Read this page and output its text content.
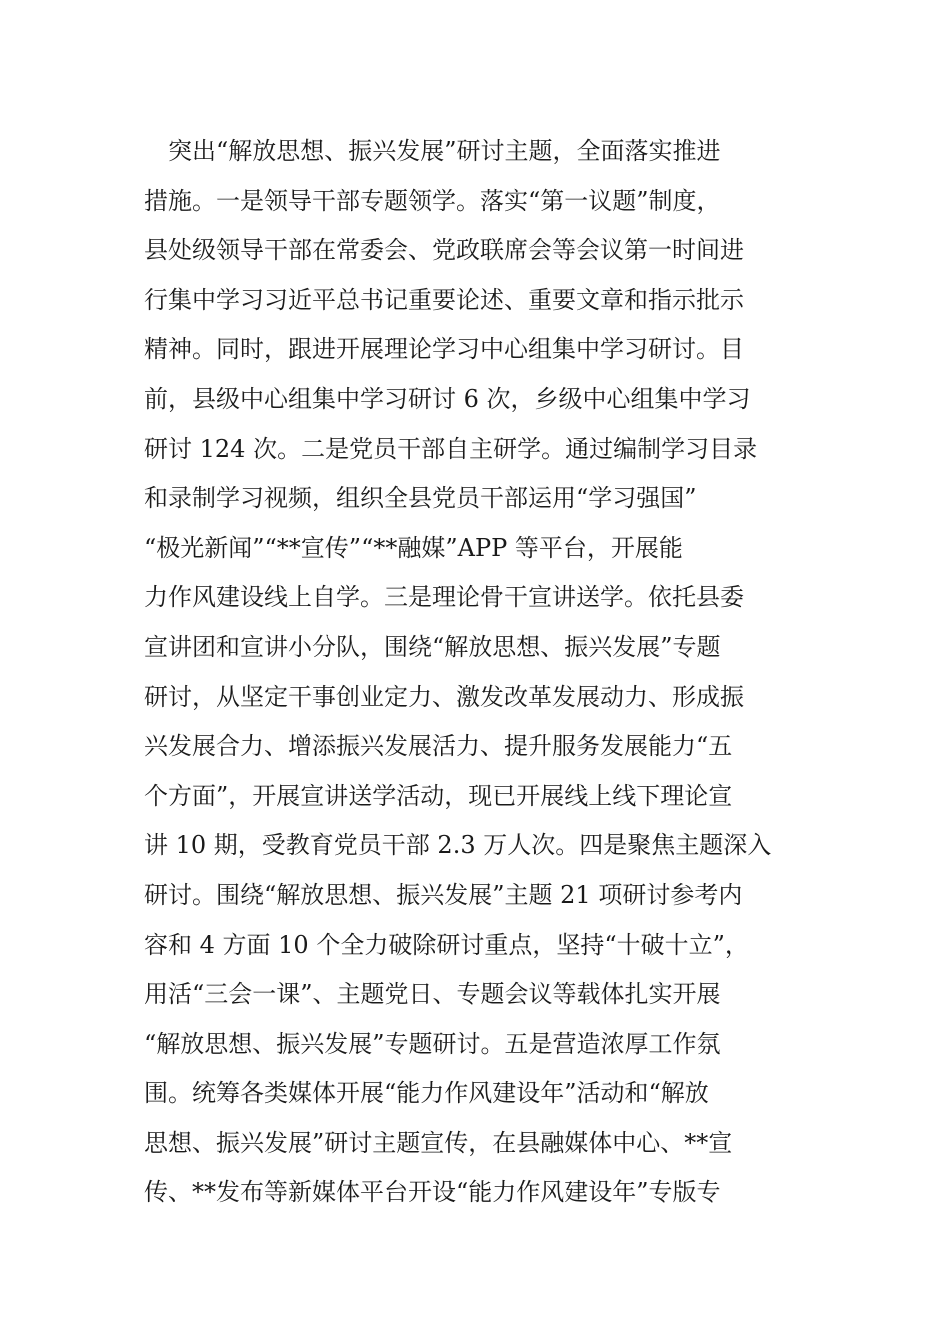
　突出“解放思想、振兴发展”研讨主题，全面落实推进
措施。一是领导干部专题领学。落实“第一议题”制度，
县处级领导干部在常委会、党政联席会等会议第一时间进
行集中学习习近平总书记重要论述、重要文章和指示批示
精神。同时，跟进开展理论学习中心组集中学习研讨。目
前，县级中心组集中学习研讨 6 次，乡级中心组集中学习
研讨 124 次。二是党员干部自主研学。通过编制学习目录
和录制学习视频，组织全县党员干部运用“学习强国”
“极光新闻”“**宣传”“**融媒”APP 等平台，开展能
力作风建设线上自学。三是理论骨干宣讲送学。依托县委
宣讲团和宣讲小分队，围绕“解放思想、振兴发展”专题
研讨，从坚定干事创业定力、激发改革发展动力、形成振
兴发展合力、增添振兴发展活力、提升服务发展能力“五
个方面”，开展宣讲送学活动，现已开展线上线下理论宣
讲 10 期，受教育党员干部 2.3 万人次。四是聚焦主题深入
研讨。围绕“解放思想、振兴发展”主题 21 项研讨参考内
容和 4 方面 10 个全力破除研讨重点，坚持“十破十立”，
用活“三会一课”、主题党日、专题会议等载体扎实开展
“解放思想、振兴发展”专题研讨。五是营造浓厚工作氛
围。统筹各类媒体开展“能力作风建设年”活动和“解放
思想、振兴发展”研讨主题宣传，在县融媒体中心、**宣
传、**发布等新媒体平台开设“能力作风建设年”专版专
